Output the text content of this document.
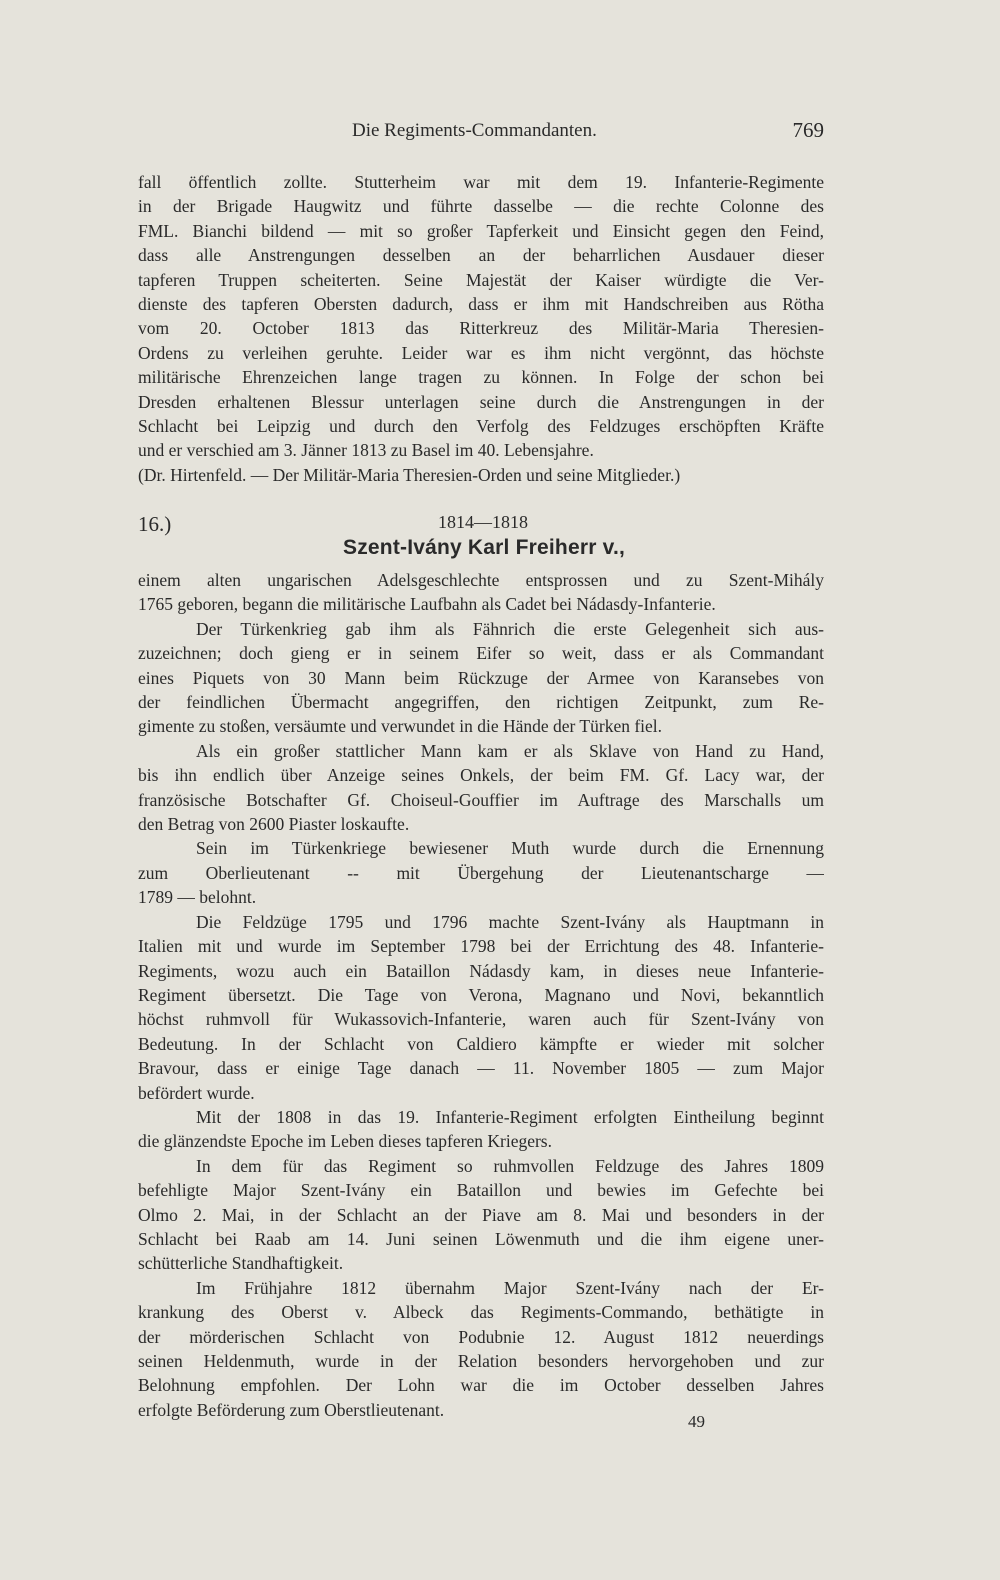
Die Regiments-Commandanten.	769

fall öffentlich zollte. Stutterheim war mit dem 19. Infanterie-Regimente
in der Brigade Haugwitz und führte dasselbe — die rechte Colonne des
FML. Bianchi bildend — mit so großer Tapferkeit und Einsicht gegen den Feind,
dass alle Anstrengungen desselben an der beharrlichen Ausdauer dieser
tapferen Truppen scheiterten. Seine Majestät der Kaiser würdigte die Ver-
dienste des tapferen Obersten dadurch, dass er ihm mit Handschreiben aus Rötha
vom 20. October 1813 das Ritterkreuz des Militär-Maria Theresien-
Ordens zu verleihen geruhte. Leider war es ihm nicht vergönnt, das höchste
militärische Ehrenzeichen lange tragen zu können. In Folge der schon bei
Dresden erhaltenen Blessur unterlagen seine durch die Anstrengungen in der
Schlacht bei Leipzig und durch den Verfolg des Feldzuges erschöpften Kräfte
und er verschied am 3. Jänner 1813 zu Basel im 40. Lebensjahre.
(Dr. Hirtenfeld. — Der Militär-Maria Theresien-Orden und seine Mitglieder.)

16.)	1814—1818
Szent-Ivány Karl Freiherr v.,

einem alten ungarischen Adelsgeschlechte entsprossen und zu Szent-Mihály
1765 geboren, begann die militärische Laufbahn als Cadet bei Nádasdy-Infanterie.

Der Türkenkrieg gab ihm als Fähnrich die erste Gelegenheit sich aus-
zuzeichnen; doch gieng er in seinem Eifer so weit, dass er als Commandant
eines Piquets von 30 Mann beim Rückzuge der Armee von Karansebes von
der feindlichen Übermacht angegriffen, den richtigen Zeitpunkt, zum Re-
gimente zu stoßen, versäumte und verwundet in die Hände der Türken fiel.

Als ein großer stattlicher Mann kam er als Sklave von Hand zu Hand,
bis ihn endlich über Anzeige seines Onkels, der beim FM. Gf. Lacy war, der
französische Botschafter Gf. Choiseul-Gouffier im Auftrage des Marschalls um
den Betrag von 2600 Piaster loskaufte.

Sein im Türkenkriege bewiesener Muth wurde durch die Ernennung
zum Oberlieutenant -- mit Übergehung der Lieutenantscharge —
1789 — belohnt.

Die Feldzüge 1795 und 1796 machte Szent-Ivány als Hauptmann in
Italien mit und wurde im September 1798 bei der Errichtung des 48. Infanterie-
Regiments, wozu auch ein Bataillon Nádasdy kam, in dieses neue Infanterie-
Regiment übersetzt. Die Tage von Verona, Magnano und Novi, bekanntlich
höchst ruhmvoll für Wukassovich-Infanterie, waren auch für Szent-Ivány von
Bedeutung. In der Schlacht von Caldiero kämpfte er wieder mit solcher
Bravour, dass er einige Tage danach — 11. November 1805 — zum Major
befördert wurde.

Mit der 1808 in das 19. Infanterie-Regiment erfolgten Eintheilung beginnt
die glänzendste Epoche im Leben dieses tapferen Kriegers.

In dem für das Regiment so ruhmvollen Feldzuge des Jahres 1809
befehligte Major Szent-Ivány ein Bataillon und bewies im Gefechte bei
Olmo 2. Mai, in der Schlacht an der Piave am 8. Mai und besonders in der
Schlacht bei Raab am 14. Juni seinen Löwenmuth und die ihm eigene uner-
schütterliche Standhaftigkeit.

Im Frühjahre 1812 übernahm Major Szent-Ivány nach der Er-
krankung des Oberst v. Albeck das Regiments-Commando, bethätigte in
der mörderischen Schlacht von Podubnie 12. August 1812 neuerdings
seinen Heldenmuth, wurde in der Relation besonders hervorgehoben und zur
Belohnung empfohlen. Der Lohn war die im October desselben Jahres
erfolgte Beförderung zum Oberstlieutenant.

49
